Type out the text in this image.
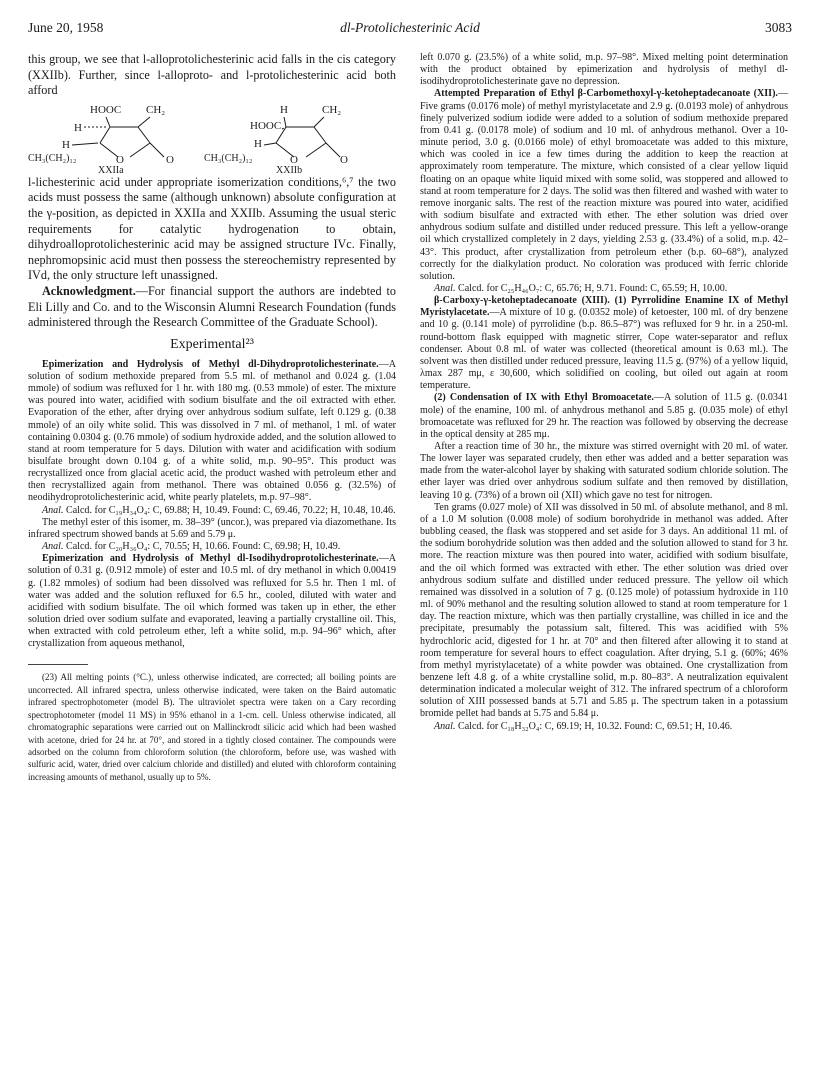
June 20, 1958	dl-Protolichesterinic Acid	3083

this group, we see that l-alloprotolichesterinic acid falls in the cis category (XXIIb). Further, since l-alloproto- and l-protolichesterinic acid both afford

HOOC CH₂
H
H
CH₃(CH₂)₁₂	O	O
XXIIa
H	CH₂
HOOC
H
CH₃(CH₂)₁₂	O	O
XXIIb

l-lichesterinic acid under appropriate isomerization conditions,⁶,⁷ the two acids must possess the same (although unknown) absolute configuration at the γ-position, as depicted in XXIIa and XXIIb. Assuming the usual steric requirements for catalytic hydrogenation to obtain, dihydroalloprotolichesterinic acid may be assigned structure IVc. Finally, nephromopsinic acid must then possess the stereochemistry represented by IVd, the only structure left unassigned.

Acknowledgment.—For financial support the authors are indebted to Eli Lilly and Co. and to the Wisconsin Alumni Research Foundation (funds administered through the Research Committee of the Graduate School).

Experimental²³

Epimerization and Hydrolysis of Methyl dl-Dihydroprotolichesterinate.—A solution of sodium methoxide prepared from 5.5 ml. of methanol and 0.024 g. (1.04 mmole) of sodium was refluxed for 1 hr. with 180 mg. (0.53 mmole) of ester. The mixture was poured into water, acidified with sodium bisulfate and the oil extracted with ether. Evaporation of the ether, after drying over anhydrous sodium sulfate, left 0.129 g. (0.38 mmole) of an oily white solid. This was dissolved in 7 ml. of methanol, 1 ml. of water containing 0.0304 g. (0.76 mmole) of sodium hydroxide added, and the solution allowed to stand at room temperature for 5 days. Dilution with water and acidification with sodium bisulfate brought down 0.104 g. of a white solid, m.p. 90–95°. This product was recrystallized once from glacial acetic acid, the product washed with petroleum ether and then recrystallized again from methanol. There was obtained 0.056 g. (32.5%) of neodihydroprotolichesterinic acid, white pearly platelets, m.p. 97–98°.

Anal. Calcd. for C₁₉H₃₄O₄: C, 69.88; H, 10.49. Found: C, 69.46, 70.22; H, 10.48, 10.46.

The methyl ester of this isomer, m. 38–39° (uncor.), was prepared via diazomethane. Its infrared spectrum showed bands at 5.69 and 5.79 μ.

Anal. Calcd. for C₂₀H₃₆O₄: C, 70.55; H, 10.66. Found: C, 69.98; H, 10.49.

Epimerization and Hydrolysis of Methyl dl-Isodihydroprotolichesterinate.—A solution of 0.31 g. (0.912 mmole) of ester and 10.5 ml. of dry methanol in which 0.00419 g. (1.82 mmoles) of sodium had been dissolved was refluxed for 5.5 hr. Then 1 ml. of water was added and the solution refluxed for 6.5 hr., cooled, diluted with water and acidified with sodium bisulfate. The oil which formed was taken up in ether, the ether solution dried over sodium sulfate and evaporated, leaving a partially crystalline oil. This, when extracted with cold petroleum ether, left a white solid, m.p. 94–96° which, after crystallization from aqueous methanol,

(23) All melting points (°C.), unless otherwise indicated, are corrected; all boiling points are uncorrected. All infrared spectra, unless otherwise indicated, were taken on the Baird automatic infrared spectrophotometer (model B). The ultraviolet spectra were taken on a Cary recording spectrophotometer (model 11 MS) in 95% ethanol in a 1-cm. cell. Unless otherwise indicated, all chromatographic separations were carried out on Mallinckrodt silicic acid which had been washed with acetone, dried for 24 hr. at 70°, and stored in a tightly closed container. The compounds were adsorbed on the column from chloroform solution (the chloroform, before use, was washed with sulfuric acid, water, dried over calcium chloride and distilled) and eluted with chloroform containing increasing amounts of methanol, usually up to 5%.

left 0.070 g. (23.5%) of a white solid, m.p. 97–98°. Mixed melting point determination with the product obtained by epimerization and hydrolysis of methyl dl-isodihydroprotolichesterinate gave no depression.

Attempted Preparation of Ethyl β-Carbomethoxyl-γ-ketoheptadecanoate (XII).—Five grams (0.0176 mole) of methyl myristylacetate and 2.9 g. (0.0193 mole) of anhydrous finely pulverized sodium iodide were added to a solution of sodium methoxide prepared from 0.41 g. (0.0178 mole) of sodium and 10 ml. of anhydrous methanol. Over a 10-minute period, 3.0 g. (0.0166 mole) of ethyl bromoacetate was added to this mixture, which was cooled in ice a few times during the addition to keep the reaction at approximately room temperature. The mixture, which consisted of a clear yellow liquid floating on an opaque white liquid mixed with some solid, was stoppered and allowed to stand at room temperature for 2 days. The solid was then filtered and washed with water to remove inorganic salts. The rest of the reaction mixture was poured into water, acidified with sodium bisulfate and extracted with ether. The ether solution was dried over anhydrous sodium sulfate and distilled under reduced pressure. This left a yellow-orange oil which crystallized completely in 2 days, yielding 2.53 g. (33.4%) of a solid, m.p. 42–43°. This product, after crystallization from petroleum ether (b.p. 60–68°), analyzed correctly for the dialkylation product. No coloration was produced with ferric chloride solution.

Anal. Calcd. for C₂₅H₄₆O₇: C, 65.76; H, 9.71. Found: C, 65.59; H, 10.00.

β-Carboxy-γ-ketoheptadecanoate (XIII). (1) Pyrrolidine Enamine IX of Methyl Myristylacetate.—A mixture of 10 g. (0.0352 mole) of ketoester, 100 ml. of dry benzene and 10 g. (0.141 mole) of pyrrolidine (b.p. 86.5–87°) was refluxed for 9 hr. in a 250-ml. round-bottom flask equipped with magnetic stirrer, Cope water-separator and reflux condenser. About 0.8 ml. of water was collected (theoretical amount is 0.63 ml.). The solvent was then distilled under reduced pressure, leaving 11.5 g. (97%) of a yellow liquid, λmax 287 mμ, ε 30,600, which solidified on cooling, but oiled out again at room temperature.

(2) Condensation of IX with Ethyl Bromoacetate.—A solution of 11.5 g. (0.0341 mole) of the enamine, 100 ml. of anhydrous methanol and 5.85 g. (0.035 mole) of ethyl bromoacetate was refluxed for 29 hr. The reaction was followed by observing the decrease in the optical density at 285 mμ.

After a reaction time of 30 hr., the mixture was stirred overnight with 20 ml. of water. The lower layer was separated crudely, then ether was added and a better separation was made from the water-alcohol layer by shaking with saturated sodium chloride solution. The ether layer was dried over anhydrous sodium sulfate and then removed by distillation, leaving 10 g. (73%) of a brown oil (XII) which gave no test for nitrogen.

Ten grams (0.027 mole) of XII was dissolved in 50 ml. of absolute methanol, and 8 ml. of a 1.0 M solution (0.008 mole) of sodium borohydride in methanol was added. After bubbling ceased, the flask was stoppered and set aside for 3 days. An additional 11 ml. of the sodium borohydride solution was then added and the solution allowed to stand for 3 hr. more. The reaction mixture was then poured into water, acidified with sodium bisulfate, and the oil which formed was extracted with ether. The ether solution was dried over anhydrous sodium sulfate and distilled under reduced pressure. The yellow oil which remained was dissolved in a solution of 7 g. (0.125 mole) of potassium hydroxide in 110 ml. of 90% methanol and the resulting solution allowed to stand at room temperature for 1 day. The reaction mixture, which was then partially crystalline, was chilled in ice and the precipitate, presumably the potassium salt, filtered. This was acidified with 5% hydrochloric acid, digested for 1 hr. at 70° and then filtered after allowing it to stand at room temperature for several hours to effect coagulation. After drying, 5.1 g. (60%; 46% from methyl myristylacetate) of a white powder was obtained. One crystallization from benzene left 4.8 g. of a white crystalline solid, m.p. 80–83°. A neutralization equivalent determination indicated a molecular weight of 312. The infrared spectrum of a chloroform solution of XIII possessed bands at 5.71 and 5.85 μ. The spectrum taken in a potassium bromide pellet had bands at 5.75 and 5.84 μ.

Anal. Calcd. for C₁₈H₃₂O₄: C, 69.19; H, 10.32. Found: C, 69.51; H, 10.46.
